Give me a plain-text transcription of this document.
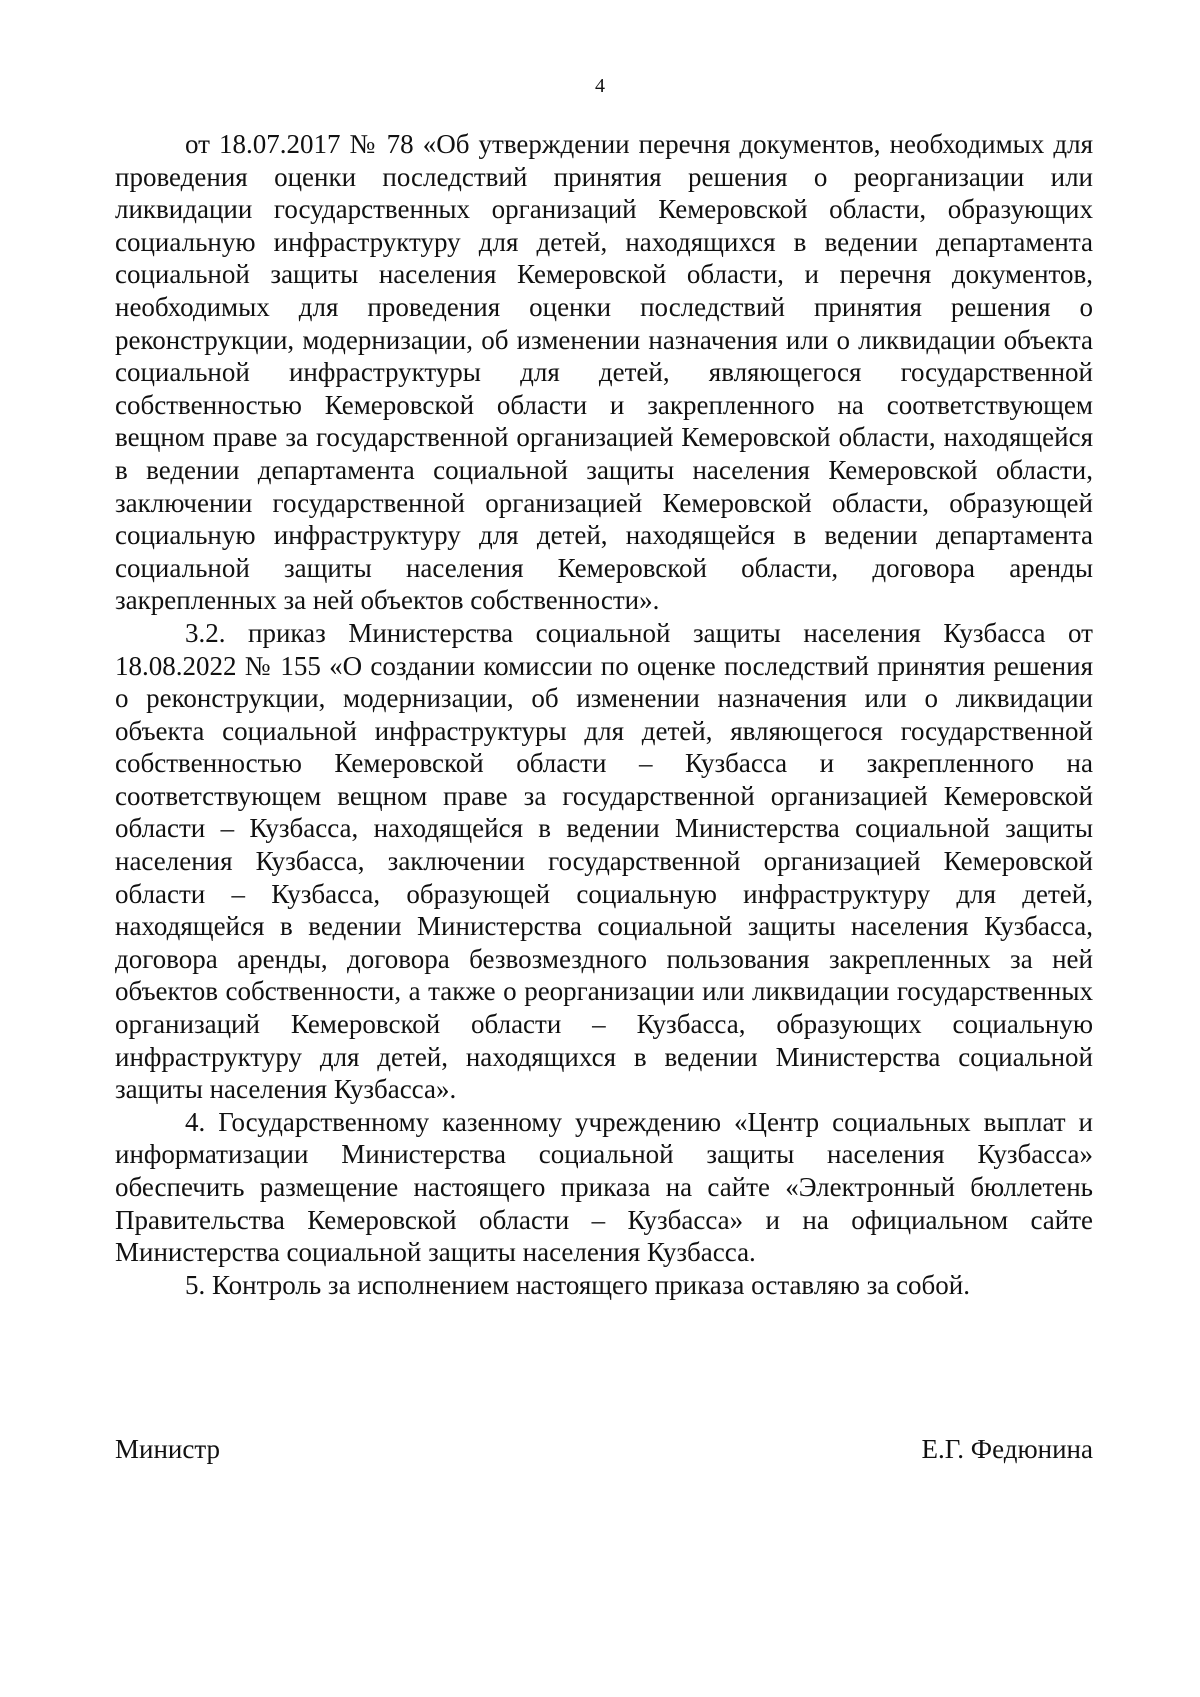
4

от 18.07.2017 № 78 «Об утверждении перечня документов, необходимых для проведения оценки последствий принятия решения о реорганизации или ликвидации государственных организаций Кемеровской области, образующих социальную инфраструктуру для детей, находящихся в ведении департамента социальной защиты населения Кемеровской области, и перечня документов, необходимых для проведения оценки последствий принятия решения о реконструкции, модернизации, об изменении назначения или о ликвидации объекта социальной инфраструктуры для детей, являющегося государственной собственностью Кемеровской области и закрепленного на соответствующем вещном праве за государственной организацией Кемеровской области, находящейся в ведении департамента социальной защиты населения Кемеровской области, заключении государственной организацией Кемеровской области, образующей социальную инфраструктуру для детей, находящейся в ведении департамента социальной защиты населения Кемеровской области, договора аренды закрепленных за ней объектов собственности».

3.2. приказ Министерства социальной защиты населения Кузбасса от 18.08.2022 № 155 «О создании комиссии по оценке последствий принятия решения о реконструкции, модернизации, об изменении назначения или о ликвидации объекта социальной инфраструктуры для детей, являющегося государственной собственностью Кемеровской области – Кузбасса и закрепленного на соответствующем вещном праве за государственной организацией Кемеровской области – Кузбасса, находящейся в ведении Министерства социальной защиты населения Кузбасса, заключении государственной организацией Кемеровской области – Кузбасса, образующей социальную инфраструктуру для детей, находящейся в ведении Министерства социальной защиты населения Кузбасса, договора аренды, договора безвозмездного пользования закрепленных за ней объектов собственности, а также о реорганизации или ликвидации государственных организаций Кемеровской области – Кузбасса, образующих социальную инфраструктуру для детей, находящихся в ведении Министерства социальной защиты населения Кузбасса».

4. Государственному казенному учреждению «Центр социальных выплат и информатизации Министерства социальной защиты населения Кузбасса» обеспечить размещение настоящего приказа на сайте «Электронный бюллетень Правительства Кемеровской области – Кузбасса» и на официальном сайте Министерства социальной защиты населения Кузбасса.

5. Контроль за исполнением настоящего приказа оставляю за собой.

Министр	Е.Г. Федюнина
